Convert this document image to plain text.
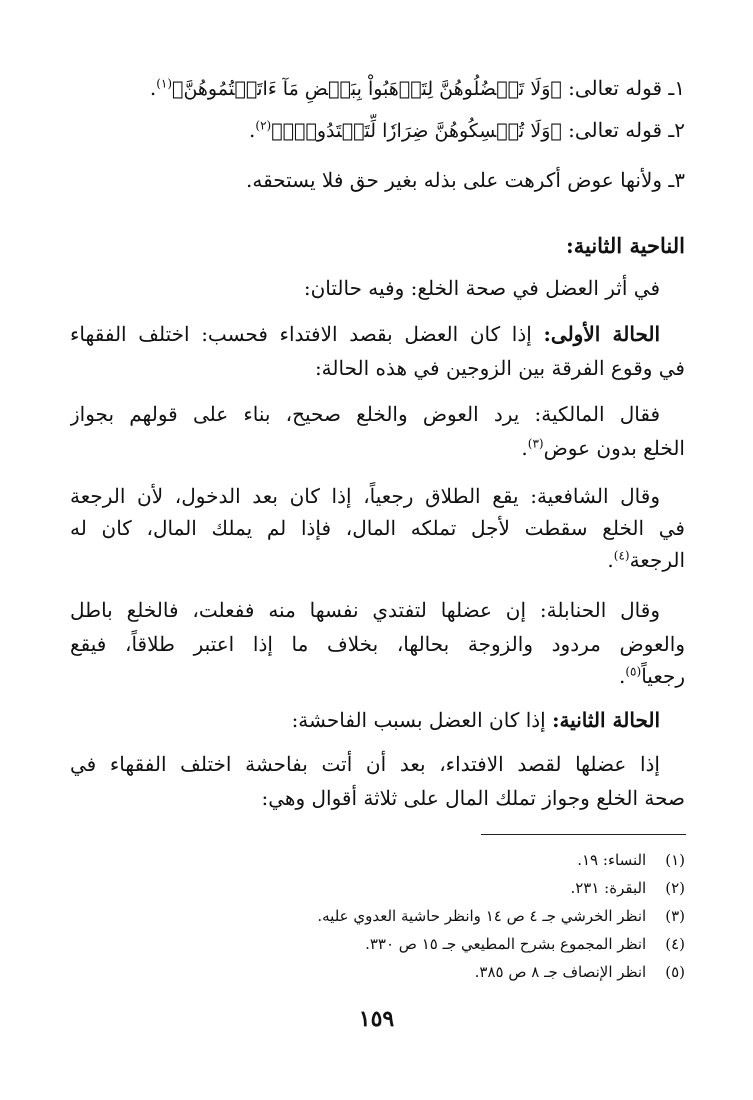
١ـ قوله تعالى: ﴿وَلَا تَعۡضُلُوهُنَّ لِتَذۡهَبُواْ بِبَعۡضِ مَآ ءَاتَيۡتُمُوهُنَّ﴾$^{(١)}$.
٢ـ قوله تعالى: ﴿وَلَا تُمۡسِكُوهُنَّ ضِرَارٗا لِّتَعۡتَدُواْۚ﴾$^{(٢)}$.
٣ـ ولأنها عوض أكرهت على بذله بغير حق فلا يستحقه.
الناحية الثانية:
في أثر العضل في صحة الخلع: وفيه حالتان:
الحالة الأولى: إذا كان العضل بقصد الافتداء فحسب: اختلف الفقهاء
في وقوع الفرقة بين الزوجين في هذه الحالة:
فقال المالكية: يرد العوض والخلع صحيح، بناء على قولهم بجواز
الخلع بدون عوض$^{(٣)}$.
وقال الشافعية: يقع الطلاق رجعياً، إذا كان بعد الدخول، لأن الرجعة
في الخلع سقطت لأجل تملكه المال، فإذا لم يملك المال، كان له
الرجعة$^{(٤)}$.
وقال الحنابلة: إن عضلها لتفتدي نفسها منه ففعلت، فالخلع باطل
والعوض مردود والزوجة بحالها، بخلاف ما إذا اعتبر طلاقاً، فيقع
رجعياً$^{(٥)}$.
الحالة الثانية: إذا كان العضل بسبب الفاحشة:
إذا عضلها لقصد الافتداء، بعد أن أتت بفاحشة اختلف الفقهاء في
صحة الخلع وجواز تملك المال على ثلاثة أقوال وهي:
(١) النساء: ١٩.
(٢) البقرة: ٢٣١.
(٣) انظر الخرشي جـ ٤ ص ١٤ وانظر حاشية العدوي عليه.
(٤) انظر المجموع بشرح المطيعي جـ ١٥ ص ٣٣٠.
(٥) انظر الإنصاف جـ ٨ ص ٣٨٥.
١٥٩
